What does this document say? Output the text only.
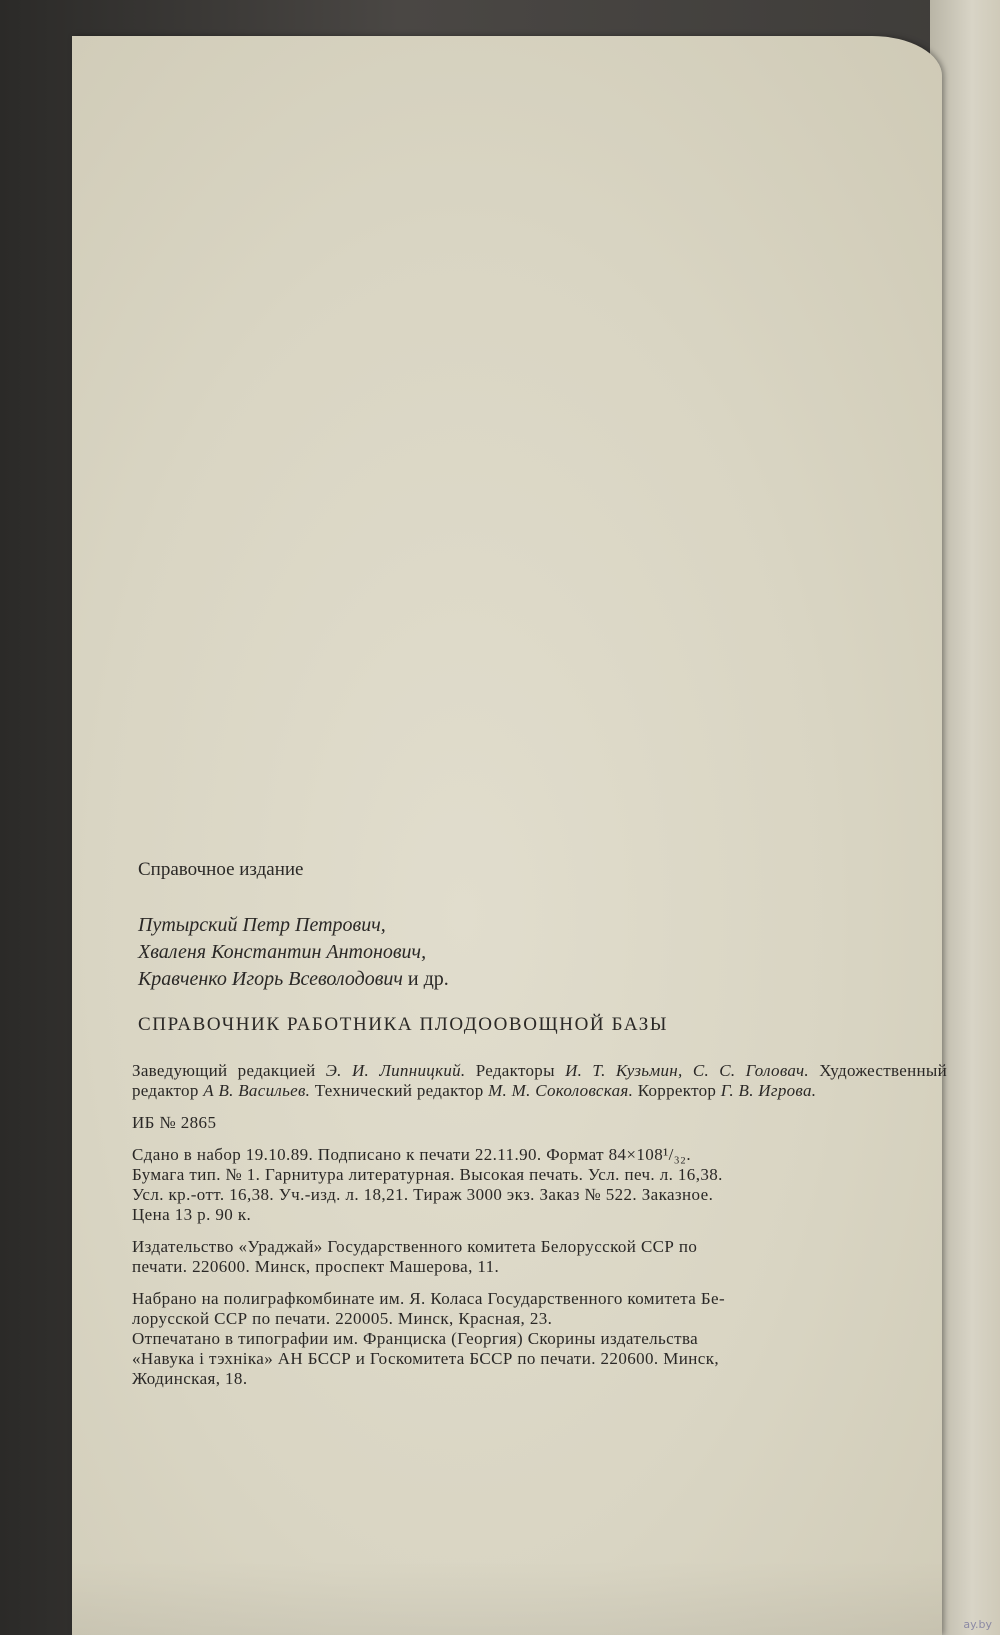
Справочное издание
Путырский Петр Петрович,
Хваленя Константин Антонович,
Кравченко Игорь Всеволодович и др.
СПРАВОЧНИК РАБОТНИКА ПЛОДООВОЩНОЙ БАЗЫ
Заведующий редакцией Э. И. Липницкий. Редакторы И. Т. Кузьмин, С. С. Головач. Художественный редактор А В. Васильев. Технический редактор М. М. Соколовская. Корректор Г. В. Игрова.
ИБ № 2865
Сдано в набор 19.10.89. Подписано к печати 22.11.90. Формат 84×108¹/₃₂.
Бумага тип. № 1. Гарнитура литературная. Высокая печать. Усл. печ. л. 16,38.
Усл. кр.-отт. 16,38. Уч.-изд. л. 18,21. Тираж 3000 экз. Заказ № 522. Заказное.
Цена 13 р. 90 к.
Издательство «Ураджай» Государственного комитета Белорусской ССР по
печати. 220600. Минск, проспект Машерова, 11.
Набрано на полиграфкомбинате им. Я. Коласа Государственного комитета Бе-
лорусской ССР по печати. 220005. Минск, Красная, 23.
Отпечатано в типографии им. Франциска (Георгия) Скорины издательства
«Навука і тэхніка» АН БССР и Госкомитета БССР по печати. 220600. Минск,
Жодинская, 18.
ay.by
